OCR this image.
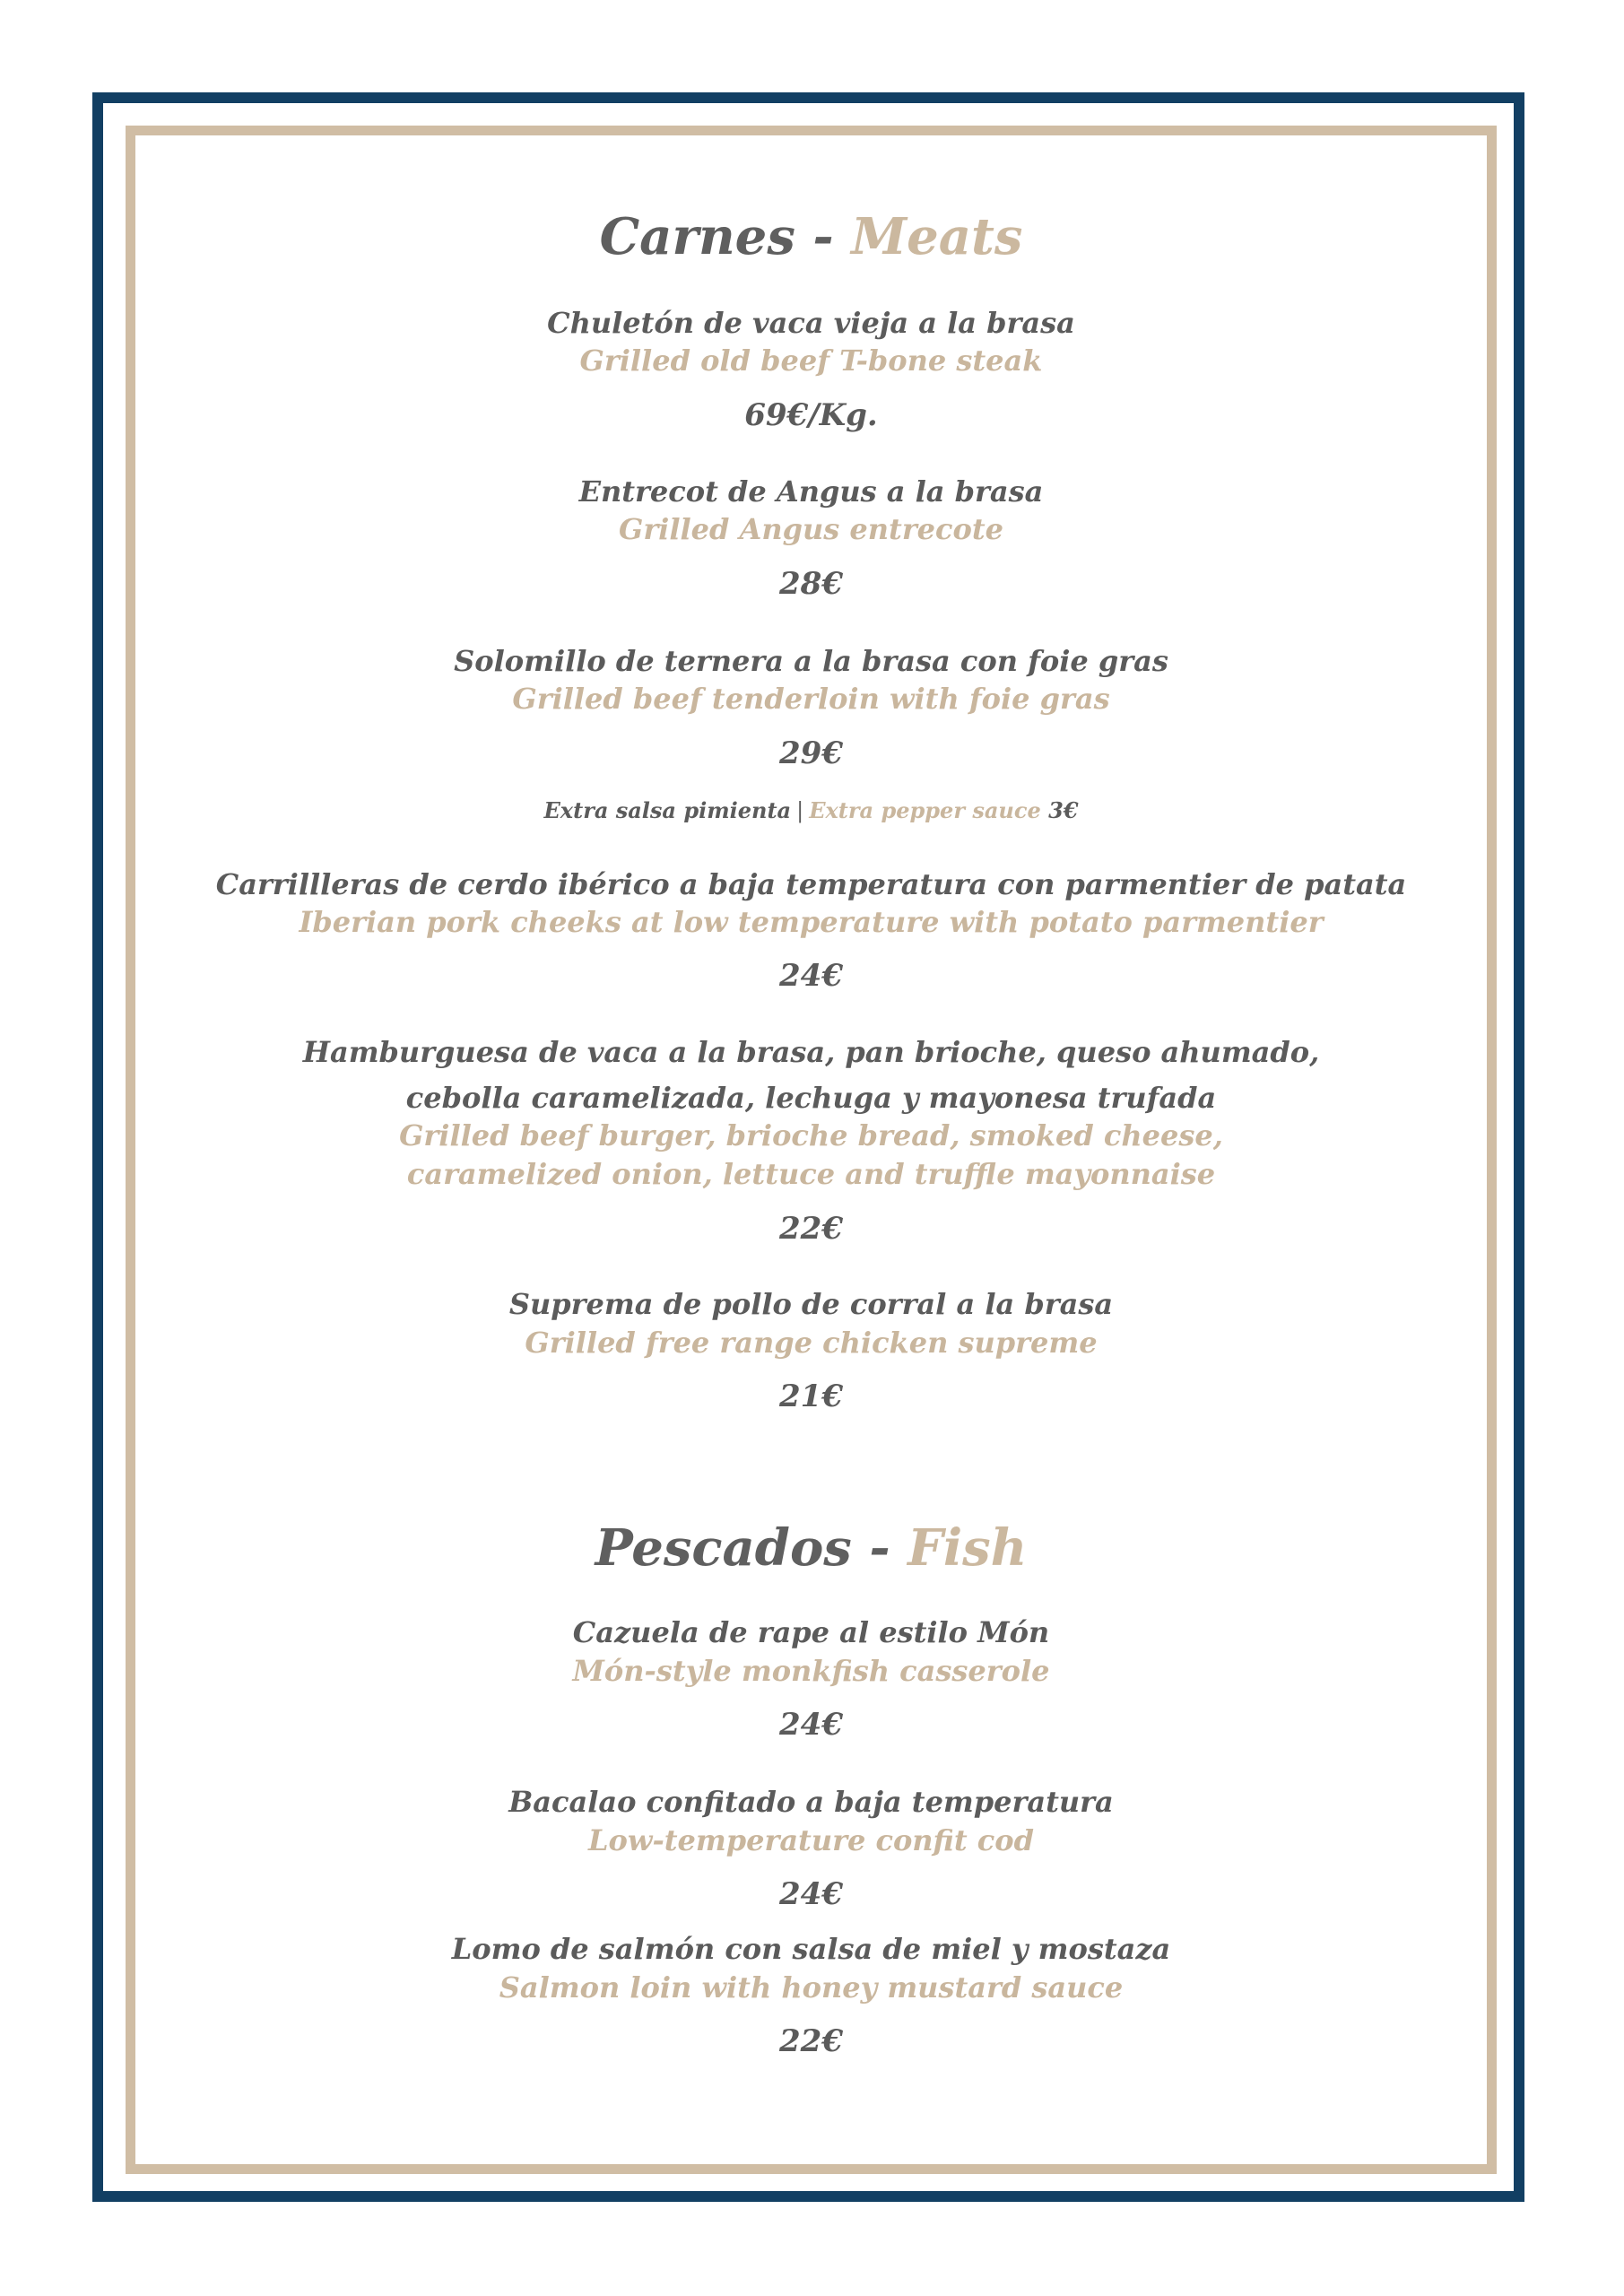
Carnes - Meats
Chuletón de vaca vieja a la brasa
Grilled old beef T-bone steak
69€/Kg.
Entrecot de Angus a la brasa
Grilled Angus entrecote
28€
Solomillo de ternera a la brasa con foie gras
Grilled beef tenderloin with foie gras
29€
Extra salsa pimienta | Extra pepper sauce 3€
Carrillleras de cerdo ibérico a baja temperatura con parmentier de patata
Iberian pork cheeks at low temperature with potato parmentier
24€
Hamburguesa de vaca a la brasa, pan brioche, queso ahumado,
cebolla caramelizada, lechuga y mayonesa trufada
Grilled beef burger, brioche bread, smoked cheese,
caramelized onion, lettuce and truffle mayonnaise
22€
Suprema de pollo de corral a la brasa
Grilled free range chicken supreme
21€
Pescados - Fish
Cazuela de rape al estilo Món
Món-style monkfish casserole
24€
Bacalao confitado a baja temperatura
Low-temperature confit cod
24€
Lomo de salmón con salsa de miel y mostaza
Salmon loin with honey mustard sauce
22€
